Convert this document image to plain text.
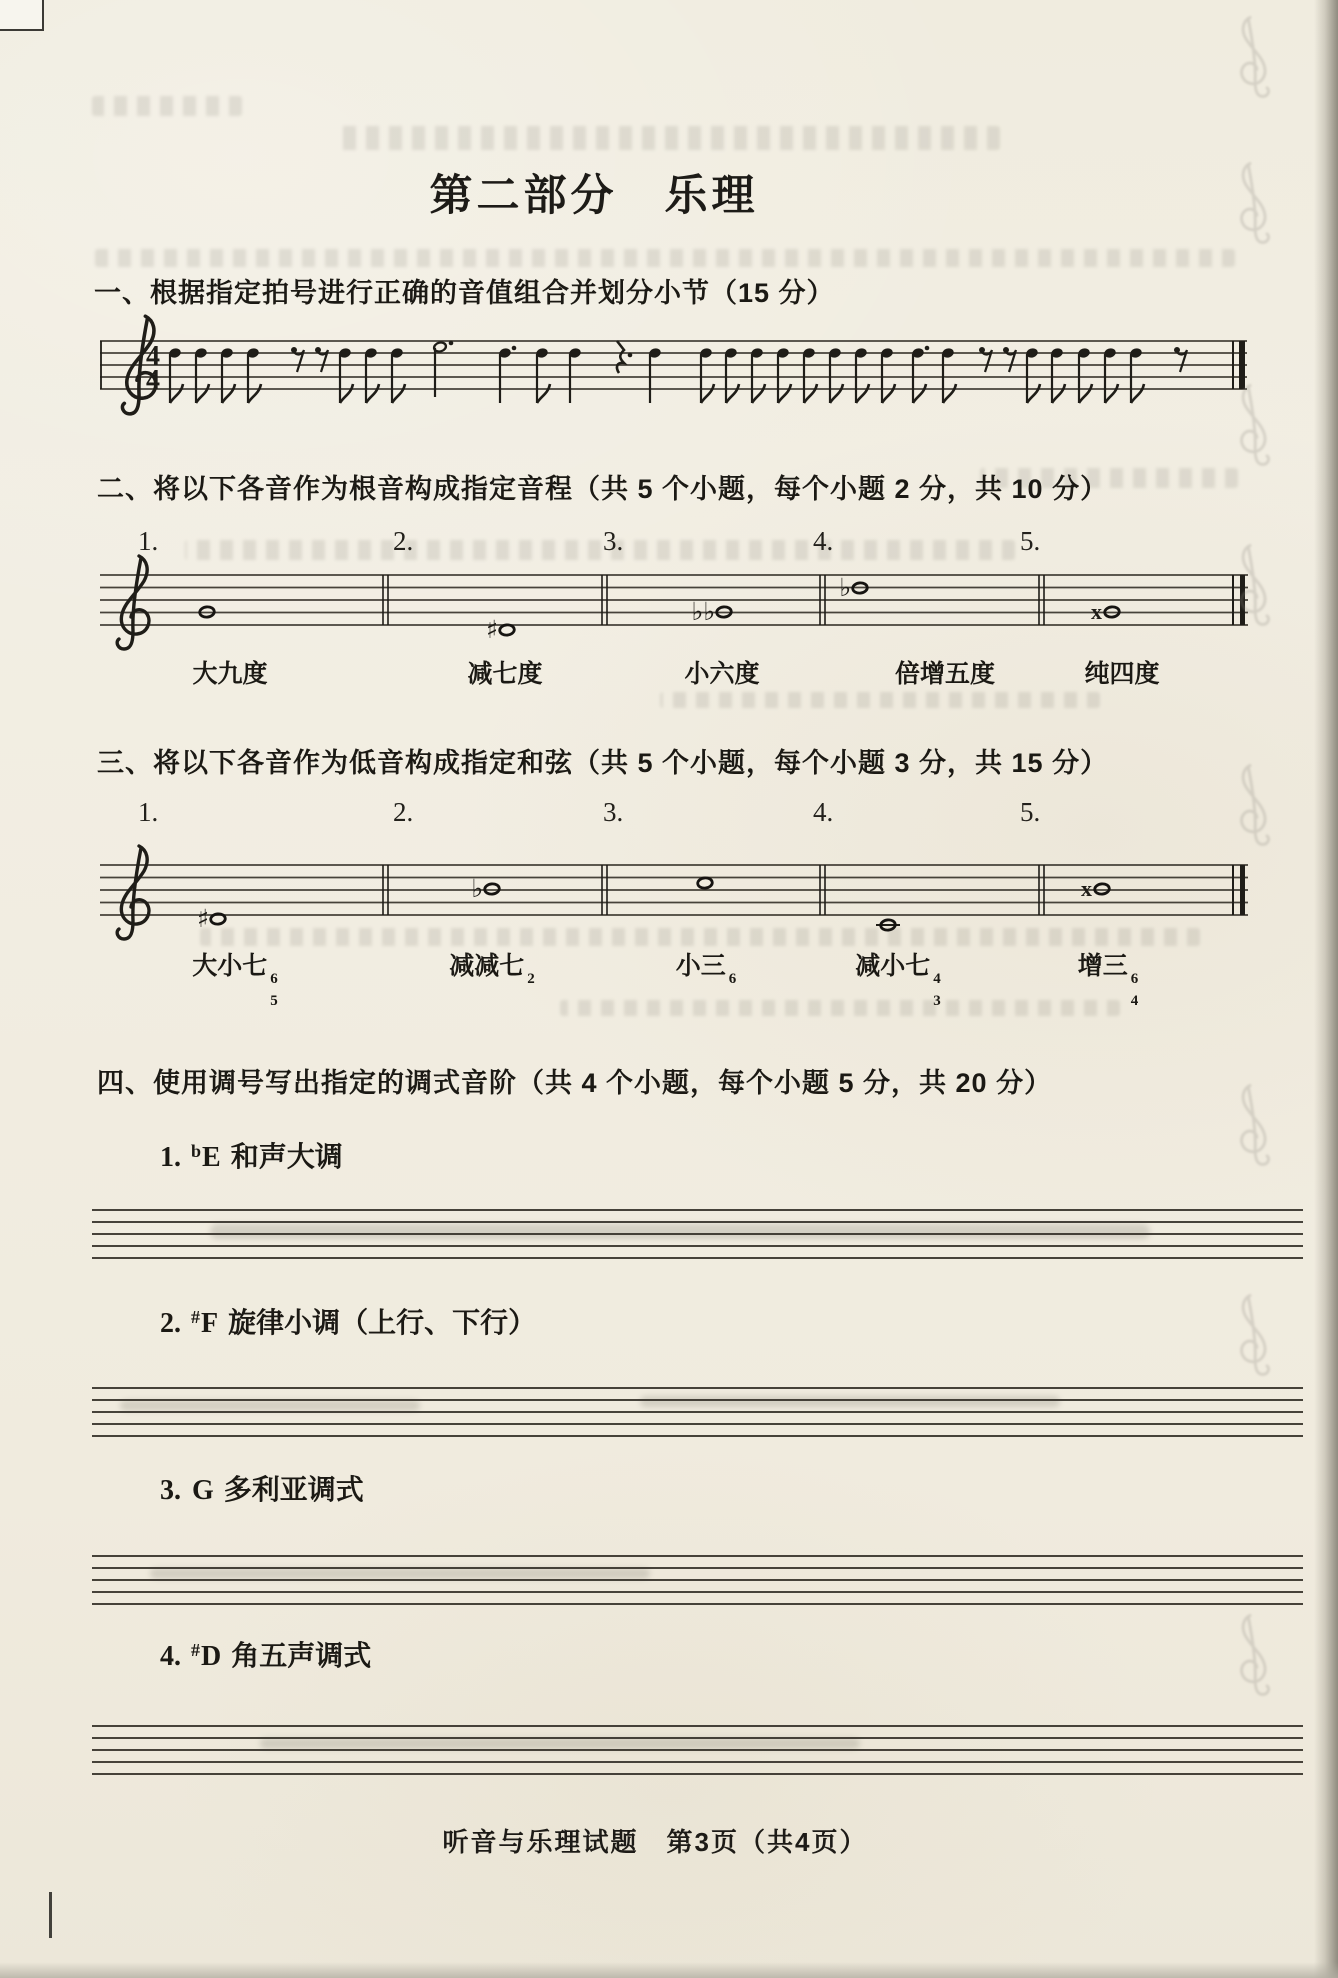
4
4
♯
♭♭
♭
x
♯
♭	x
第二部分　乐理
一、根据指定拍号进行正确的音值组合并划分小节（15 分）
二、将以下各音作为根音构成指定音程（共 5 个小题，每个小题 2 分，共 10 分）
三、将以下各音作为低音构成指定和弦（共 5 个小题，每个小题 3 分，共 15 分）
四、使用调号写出指定的调式音阶（共 4 个小题，每个小题 5 分，共 20 分）
1. $^b$E 和声大调
2. #F 旋律小调（上行、下行）
3. G 多利亚调式
4. #D 角五声调式
1.	2.	3.	4.	5.
1.	2.	3.	4.	5.
大九度	减七度	小六度	倍增五度	纯四度
大小七 6
5
减减七 2	小三 6	减小七 4
3
增三 6
4
听音与乐理试题　第3页（共4页）
